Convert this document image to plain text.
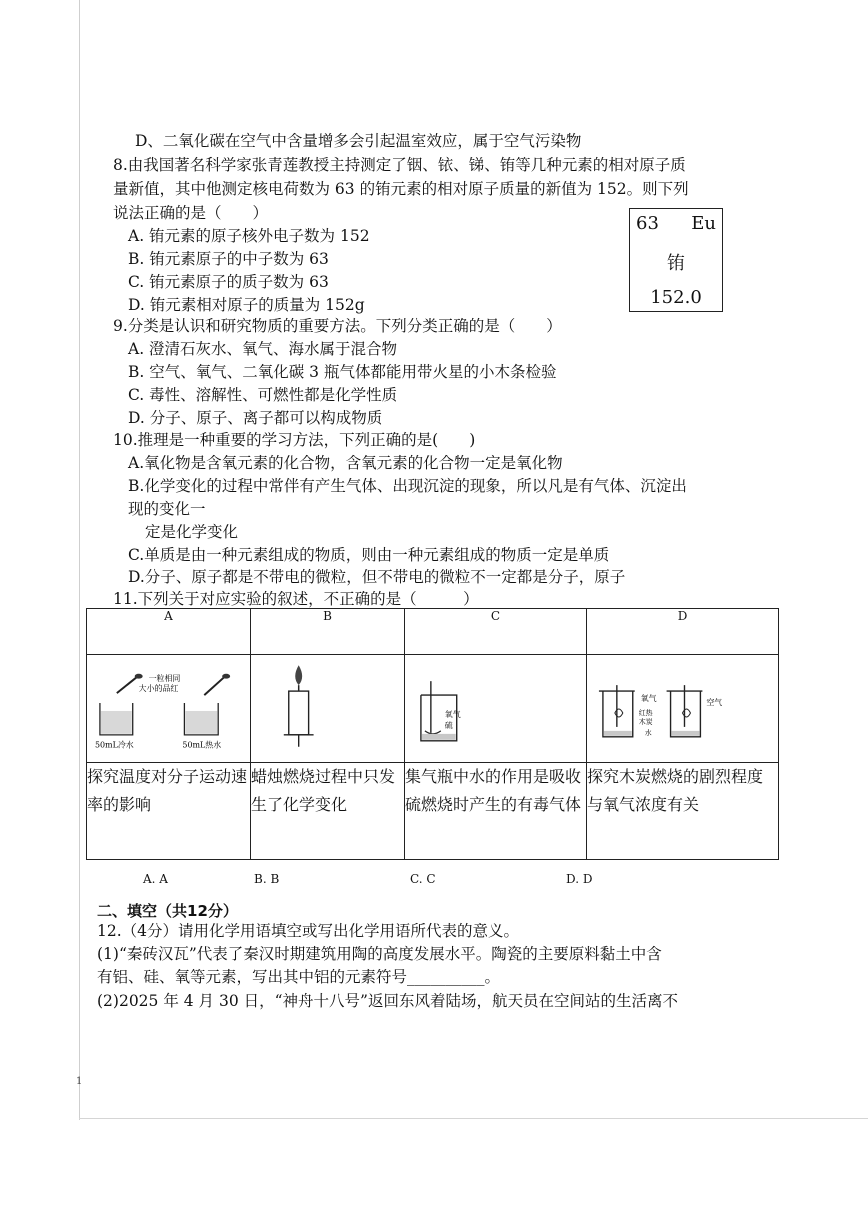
D、二氧化碳在空气中含量增多会引起温室效应，属于空气污染物
8.由我国著名科学家张青莲教授主持测定了铟、铱、锑、铕等几种元素的相对原子质
量新值，其中他测定核电荷数为 63 的铕元素的相对原子质量的新值为 152。则下列
说法正确的是（　　）
A. 铕元素的原子核外电子数为 152
B. 铕元素原子的中子数为 63
C. 铕元素原子的质子数为 63
D. 铕元素相对原子的质量为 152g
63 Eu
铕
152.0
9.分类是认识和研究物质的重要方法。下列分类正确的是（　　）
A. 澄清石灰水、氧气、海水属于混合物
B. 空气、氧气、二氧化碳 3 瓶气体都能用带火星的小木条检验
C. 毒性、溶解性、可燃性都是化学性质
D. 分子、原子、离子都可以构成物质
10.推理是一种重要的学习方法，下列正确的是(　　)
A.氧化物是含氧元素的化合物，含氧元素的化合物一定是氧化物
B.化学变化的过程中常伴有产生气体、出现沉淀的现象，所以凡是有气体、沉淀出
现的变化一
定是化学变化
C.单质是由一种元素组成的物质，则由一种元素组成的物质一定是单质
D.分子、原子都是不带电的微粒，但不带电的微粒不一定都是分子，原子
11.下列关于对应实验的叙述，不正确的是（　　　）
A	B	C	D

一粒相同
大小的品红
50mL冷水 50mL热水		氧气
硫	氧气
红热
木炭
水
空气

探究温度对分子运动速率的影响	蜡烛燃烧过程中只发生了化学变化	集气瓶中水的作用是吸收硫燃烧时产生的有毒气体	探究木炭燃烧的剧烈程度与氧气浓度有关
A. A	B. B	C. C	D. D
二、填空（共12分）
12.（4分）请用化学用语填空或写出化学用语所代表的意义。
(1)“秦砖汉瓦”代表了秦汉时期建筑用陶的高度发展水平。陶瓷的主要原料黏土中含
有铝、硅、氧等元素，写出其中铝的元素符号__________。
(2)2025 年 4 月 30 日，“神舟十八号”返回东风着陆场，航天员在空间站的生活离不
1
